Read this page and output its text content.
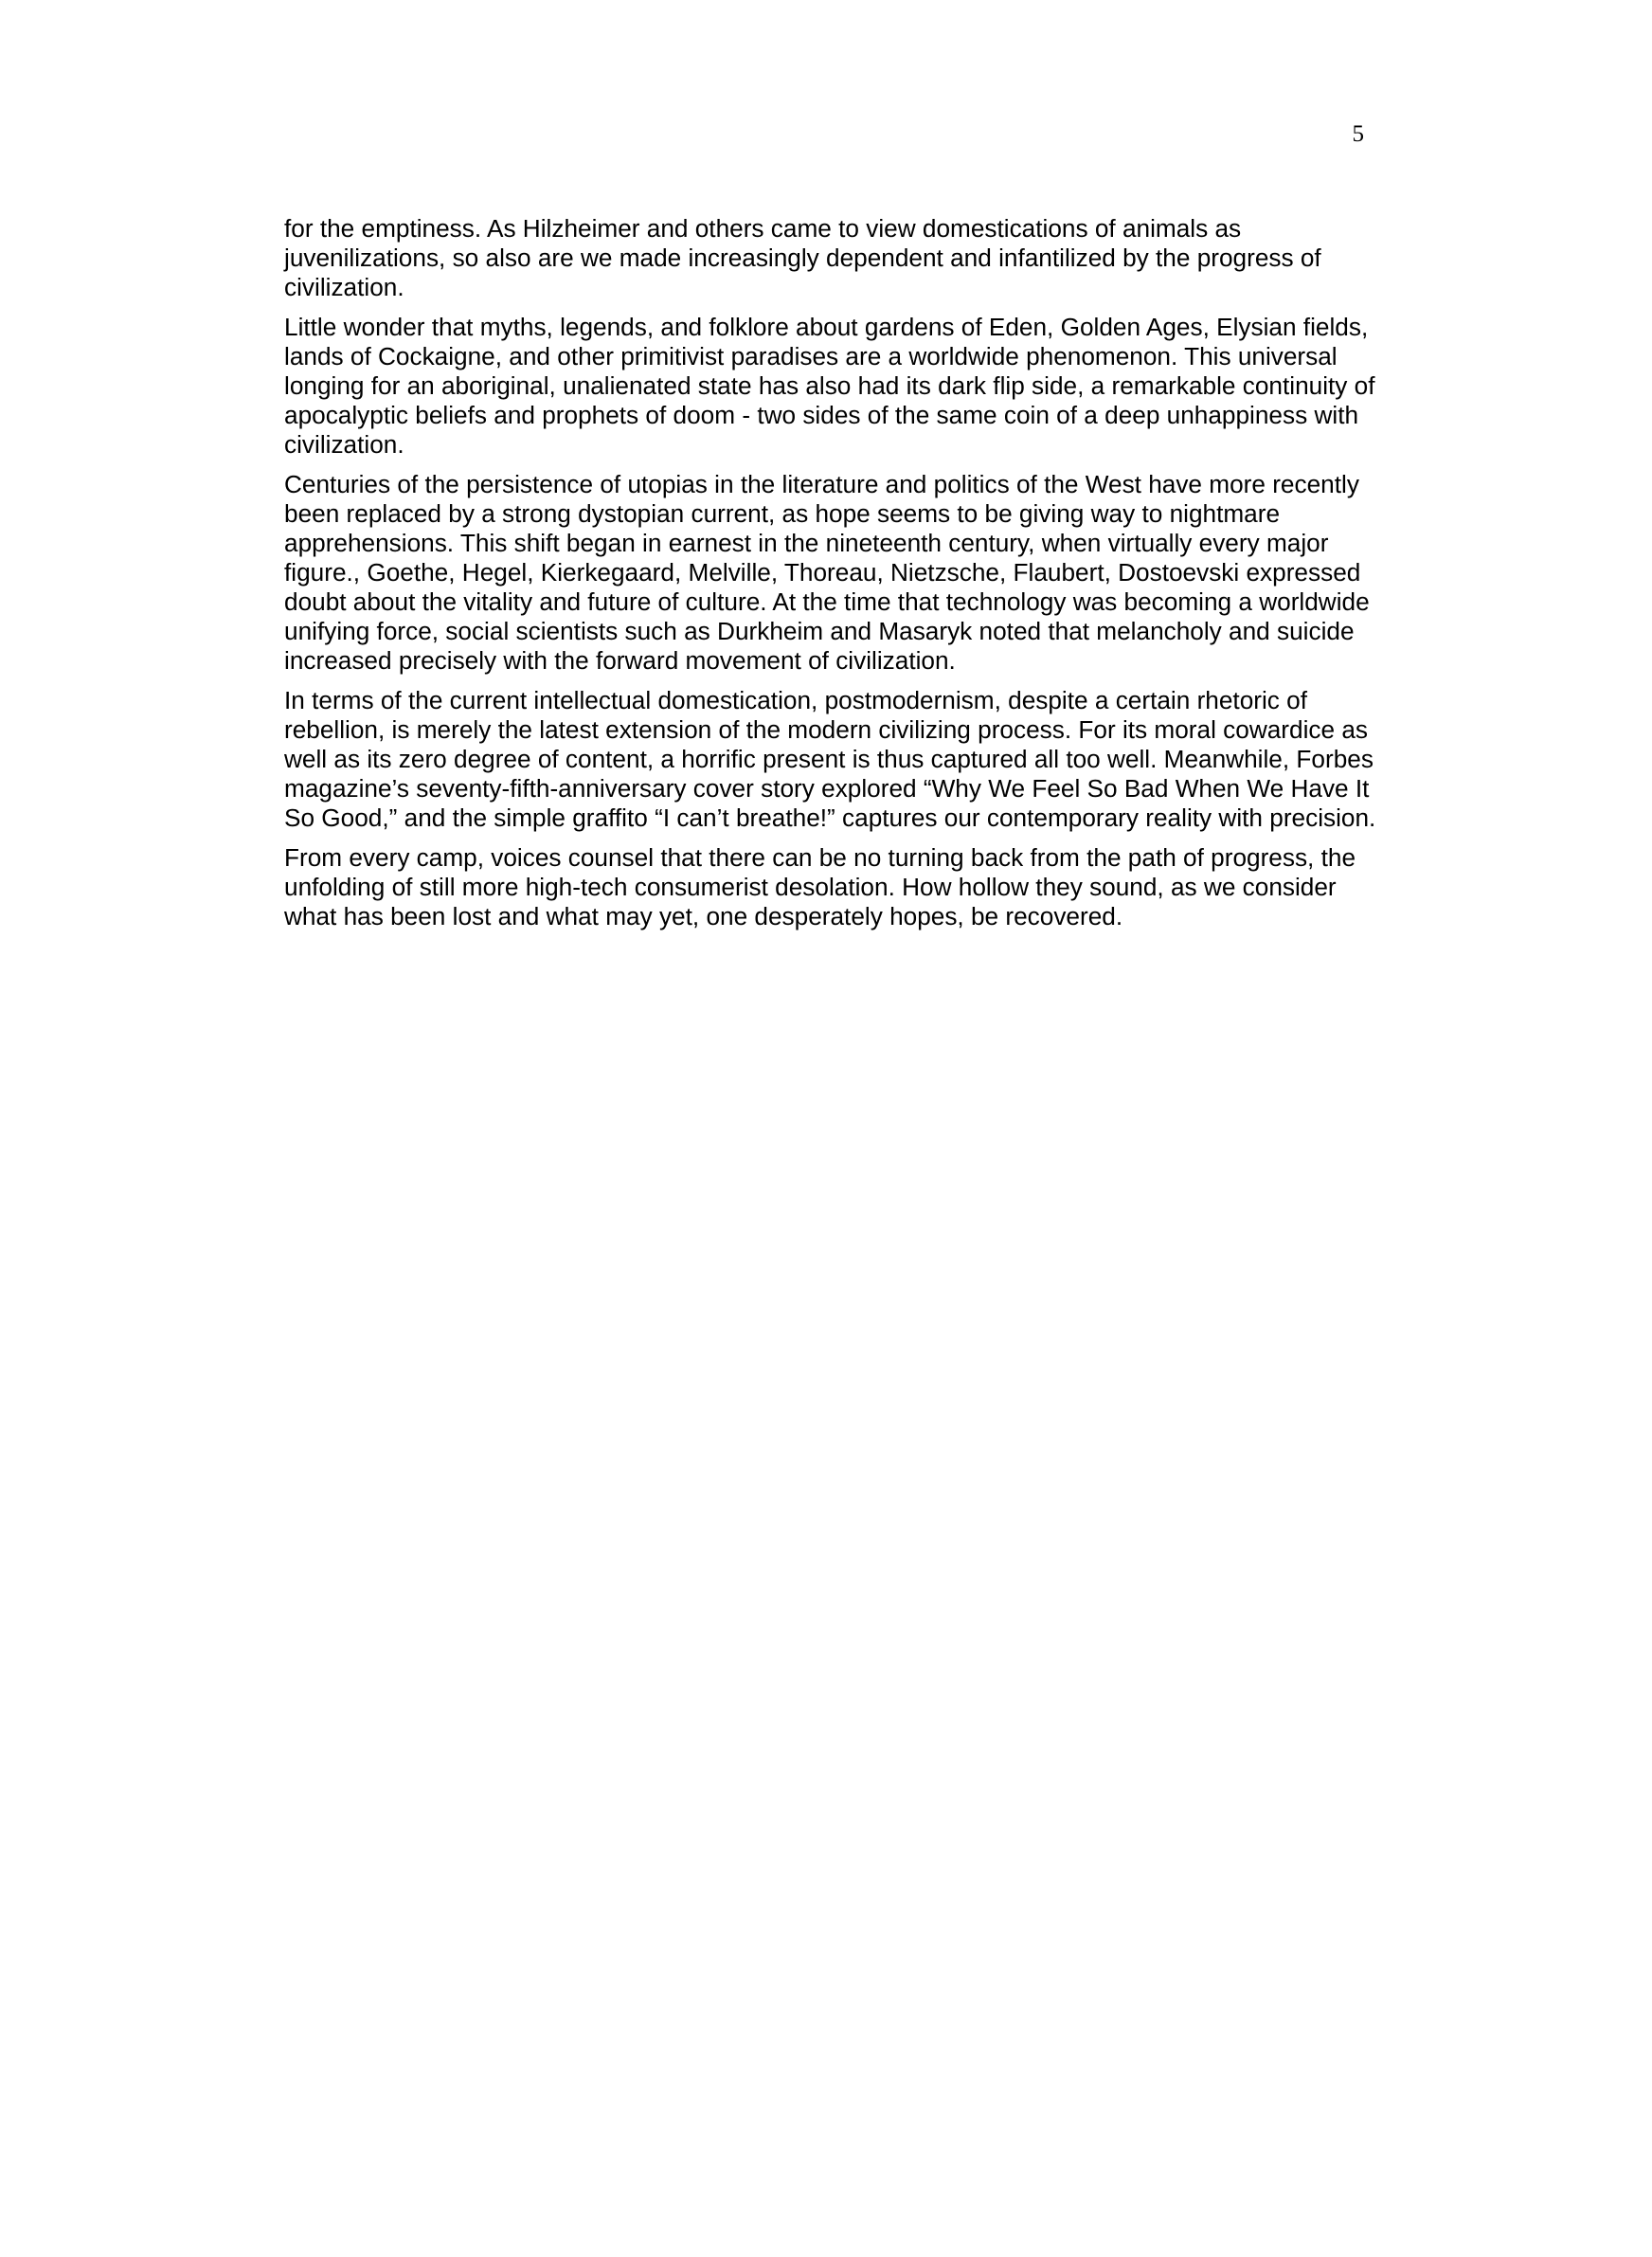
5

for the emptiness. As Hilzheimer and others came to view domestications of animals as juvenilizations, so also are we made increasingly dependent and infantilized by the progress of civilization.

Little wonder that myths, legends, and folklore about gardens of Eden, Golden Ages, Elysian fields, lands of Cockaigne, and other primitivist paradises are a worldwide phenomenon. This universal longing for an aboriginal, unalienated state has also had its dark flip side, a remarkable continuity of apocalyptic beliefs and prophets of doom - two sides of the same coin of a deep unhappiness with civilization.

Centuries of the persistence of utopias in the literature and politics of the West have more recently been replaced by a strong dystopian current, as hope seems to be giving way to nightmare apprehensions. This shift began in earnest in the nineteenth century, when virtually every major figure., Goethe, Hegel, Kierkegaard, Melville, Thoreau, Nietzsche, Flaubert, Dostoevski expressed doubt about the vitality and future of culture. At the time that technology was becoming a worldwide unifying force, social scientists such as Durkheim and Masaryk noted that melancholy and suicide increased precisely with the forward movement of civilization.

In terms of the current intellectual domestication, postmodernism, despite a certain rhetoric of rebellion, is merely the latest extension of the modern civilizing process. For its moral cowardice as well as its zero degree of content, a horrific present is thus captured all too well. Meanwhile, Forbes magazine’s seventy-fifth-anniversary cover story explored “Why We Feel So Bad When We Have It So Good,” and the simple graffito “I can’t breathe!” captures our contemporary reality with precision.

From every camp, voices counsel that there can be no turning back from the path of progress, the unfolding of still more high-tech consumerist desolation. How hollow they sound, as we consider what has been lost and what may yet, one desperately hopes, be recovered.
